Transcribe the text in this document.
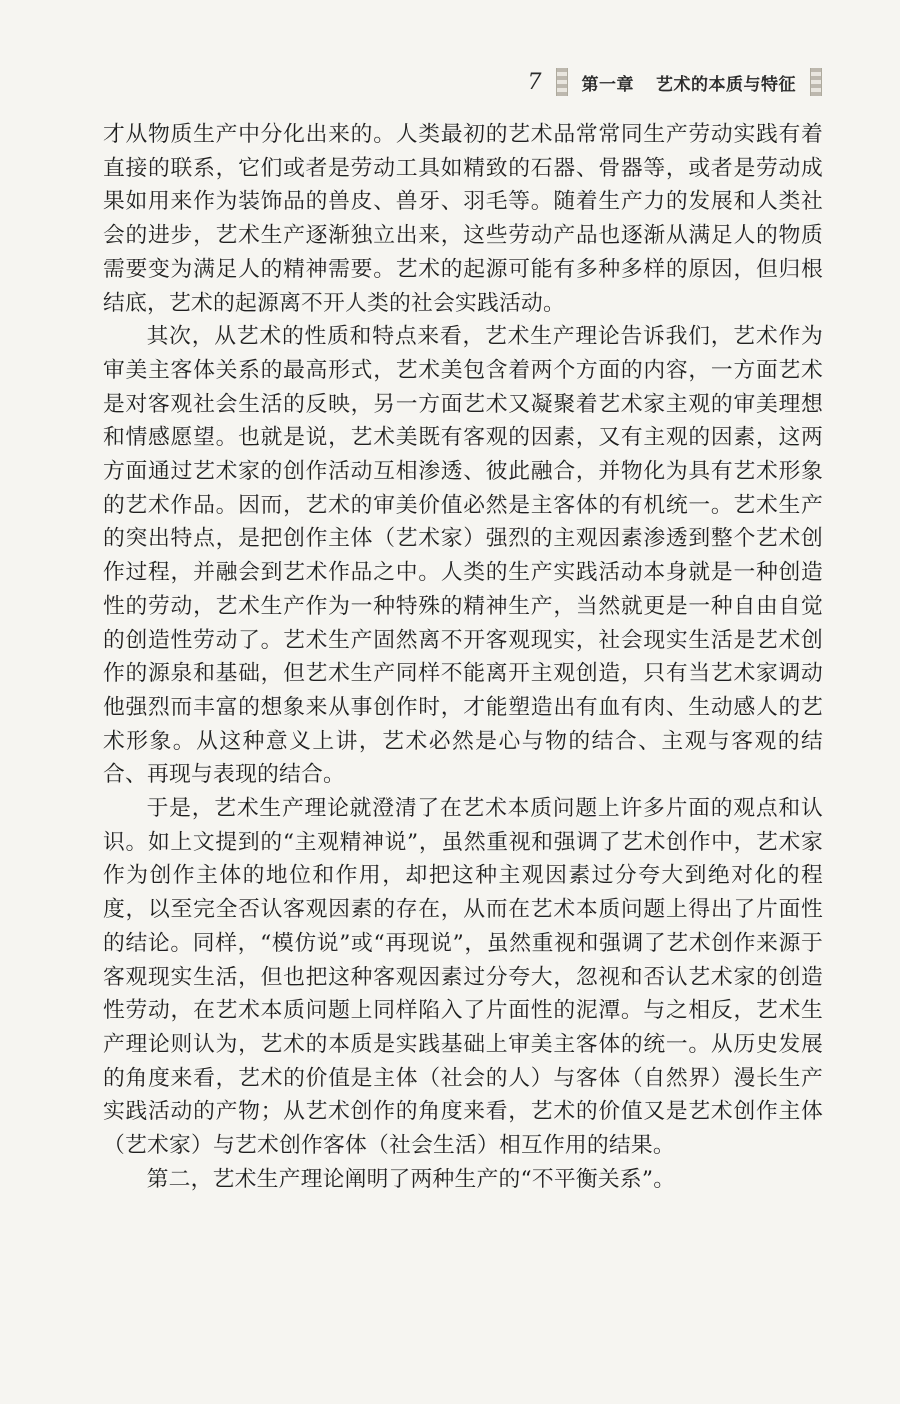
7 第一章 艺术的本质与特征

才从物质生产中分化出来的。人类最初的艺术品常常同生产劳动实践有着直接的联系，它们或者是劳动工具如精致的石器、骨器等，或者是劳动成果如用来作为装饰品的兽皮、兽牙、羽毛等。随着生产力的发展和人类社会的进步，艺术生产逐渐独立出来，这些劳动产品也逐渐从满足人的物质需要变为满足人的精神需要。艺术的起源可能有多种多样的原因，但归根结底，艺术的起源离不开人类的社会实践活动。

其次，从艺术的性质和特点来看，艺术生产理论告诉我们，艺术作为审美主客体关系的最高形式，艺术美包含着两个方面的内容，一方面艺术是对客观社会生活的反映，另一方面艺术又凝聚着艺术家主观的审美理想和情感愿望。也就是说，艺术美既有客观的因素，又有主观的因素，这两方面通过艺术家的创作活动互相渗透、彼此融合，并物化为具有艺术形象的艺术作品。因而，艺术的审美价值必然是主客体的有机统一。艺术生产的突出特点，是把创作主体（艺术家）强烈的主观因素渗透到整个艺术创作过程，并融会到艺术作品之中。人类的生产实践活动本身就是一种创造性的劳动，艺术生产作为一种特殊的精神生产，当然就更是一种自由自觉的创造性劳动了。艺术生产固然离不开客观现实，社会现实生活是艺术创作的源泉和基础，但艺术生产同样不能离开主观创造，只有当艺术家调动他强烈而丰富的想象来从事创作时，才能塑造出有血有肉、生动感人的艺术形象。从这种意义上讲，艺术必然是心与物的结合、主观与客观的结合、再现与表现的结合。

于是，艺术生产理论就澄清了在艺术本质问题上许多片面的观点和认识。如上文提到的“主观精神说”，虽然重视和强调了艺术创作中，艺术家作为创作主体的地位和作用，却把这种主观因素过分夸大到绝对化的程度，以至完全否认客观因素的存在，从而在艺术本质问题上得出了片面性的结论。同样，“模仿说”或“再现说”，虽然重视和强调了艺术创作来源于客观现实生活，但也把这种客观因素过分夸大，忽视和否认艺术家的创造性劳动，在艺术本质问题上同样陷入了片面性的泥潭。与之相反，艺术生产理论则认为，艺术的本质是实践基础上审美主客体的统一。从历史发展的角度来看，艺术的价值是主体（社会的人）与客体（自然界）漫长生产实践活动的产物；从艺术创作的角度来看，艺术的价值又是艺术创作主体（艺术家）与艺术创作客体（社会生活）相互作用的结果。

第二，艺术生产理论阐明了两种生产的“不平衡关系”。
